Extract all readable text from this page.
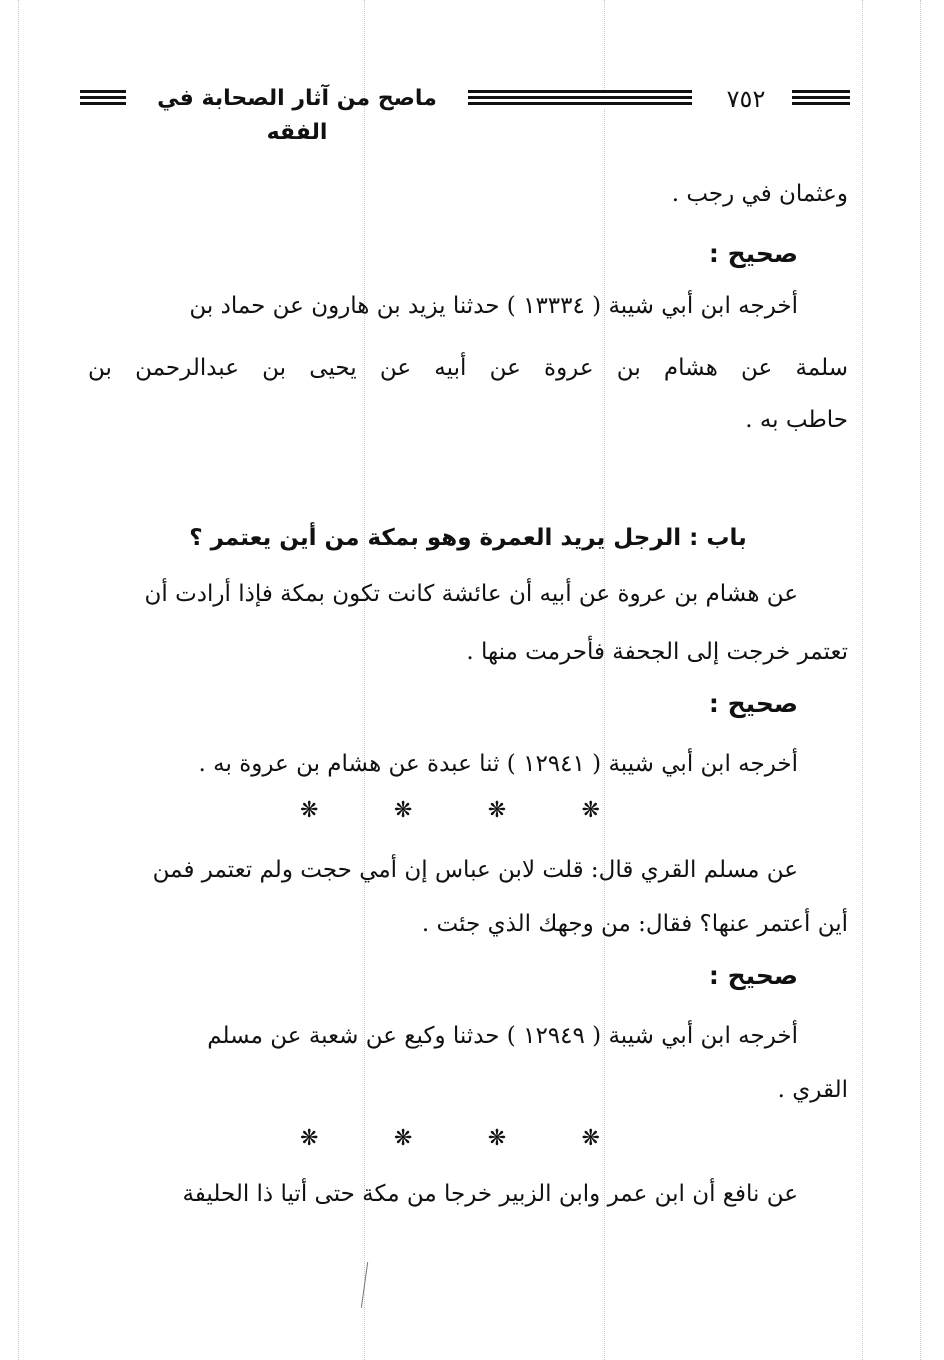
ماصح من آثار الصحابة في الفقه
٧٥٢
وعثمان في رجب .
صحيح :
أخرجه ابن أبي شيبة ( ١٣٣٣٤ ) حدثنا يزيد بن هارون عن حماد بن
سلمة عن هشام بن عروة عن أبيه عن يحيى بن عبدالرحمن بن
حاطب به .
باب : الرجل يريد العمرة وهو بمكة من أين يعتمر ؟
عن هشام بن عروة عن أبيه أن عائشة كانت تكون بمكة فإذا أرادت أن
تعتمر خرجت إلى الجحفة فأحرمت منها .
صحيح :
أخرجه ابن أبي شيبة ( ١٢٩٤١ ) ثنا عبدة عن هشام بن عروة به .
❋	❋	❋	❋
عن مسلم القري قال: قلت لابن عباس إن أمي حجت ولم تعتمر فمن
أين أعتمر عنها؟ فقال: من وجهك الذي جئت .
صحيح :
أخرجه ابن أبي شيبة ( ١٢٩٤٩ ) حدثنا وكيع عن شعبة عن مسلم
القري .
❋	❋	❋	❋
عن نافع أن ابن عمر وابن الزبير خرجا من مكة حتى أتيا ذا الحليفة
